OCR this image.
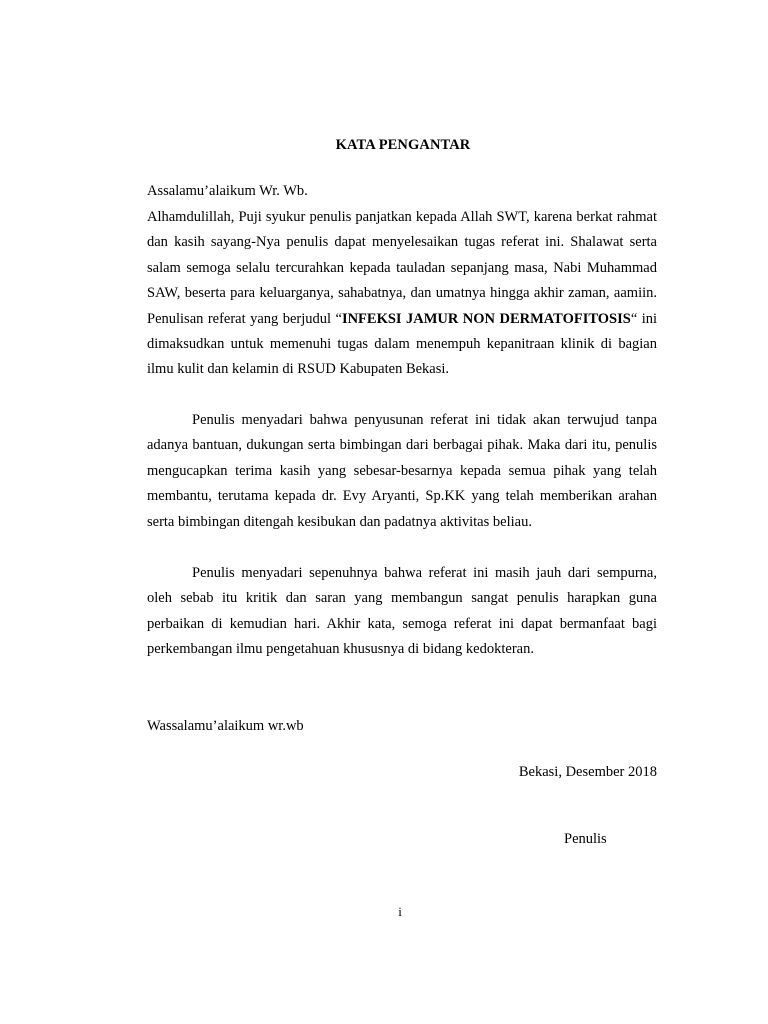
KATA PENGANTAR
Assalamu’alaikum Wr. Wb.

Alhamdulillah, Puji syukur penulis panjatkan kepada Allah SWT, karena berkat rahmat dan kasih sayang-Nya penulis dapat menyelesaikan tugas referat ini. Shalawat serta salam semoga selalu tercurahkan kepada tauladan sepanjang masa, Nabi Muhammad SAW, beserta para keluarganya, sahabatnya, dan umatnya hingga akhir zaman, aamiin. Penulisan referat yang berjudul “INFEKSI JAMUR NON DERMATOFITOSIS“ ini dimaksudkan untuk memenuhi tugas dalam menempuh kepanitraan klinik di bagian ilmu kulit dan kelamin di RSUD Kabupaten Bekasi.

Penulis menyadari bahwa penyusunan referat ini tidak akan terwujud tanpa adanya bantuan, dukungan serta bimbingan dari berbagai pihak. Maka dari itu, penulis mengucapkan terima kasih yang sebesar-besarnya kepada semua pihak yang telah membantu, terutama kepada dr. Evy Aryanti, Sp.KK yang telah memberikan arahan serta bimbingan ditengah kesibukan dan padatnya aktivitas beliau.

Penulis menyadari sepenuhnya bahwa referat ini masih jauh dari sempurna, oleh sebab itu kritik dan saran yang membangun sangat penulis harapkan guna perbaikan di kemudian hari. Akhir kata, semoga referat ini dapat bermanfaat bagi perkembangan ilmu pengetahuan khususnya di bidang kedokteran.

Wassalamu’alaikum wr.wb
Bekasi, Desember 2018
Penulis
i
